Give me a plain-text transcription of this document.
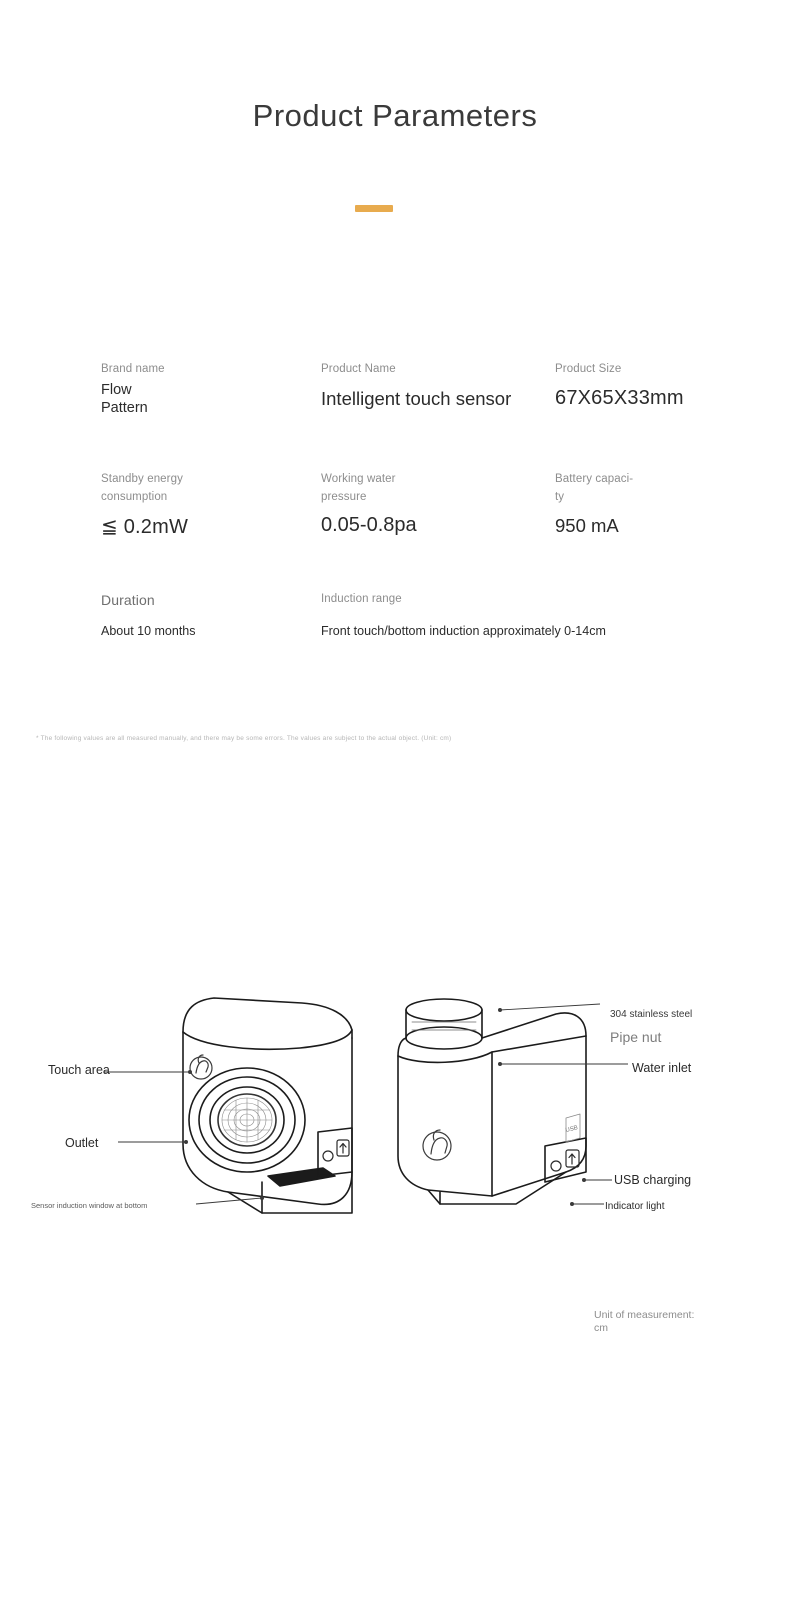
Product Parameters
Brand name
Flow
Pattern
Product Name
Intelligent touch sensor
Product Size
67X65X33mm
Standby energy
consumption
≦ 0.2mW
Working water
pressure
0.05-0.8pa
Battery capaci-
ty
950 mA
Duration
About 10 months
Induction range
Front touch/bottom induction approximately 0-14cm
* The following values are all measured manually, and there may be some errors. The values are subject to the actual object. (Unit: cm)
USB
Touch area
Outlet
Sensor induction window at bottom
304 stainless steel
Pipe nut
Water inlet
USB charging
Indicator light
Unit of measurement:
cm
